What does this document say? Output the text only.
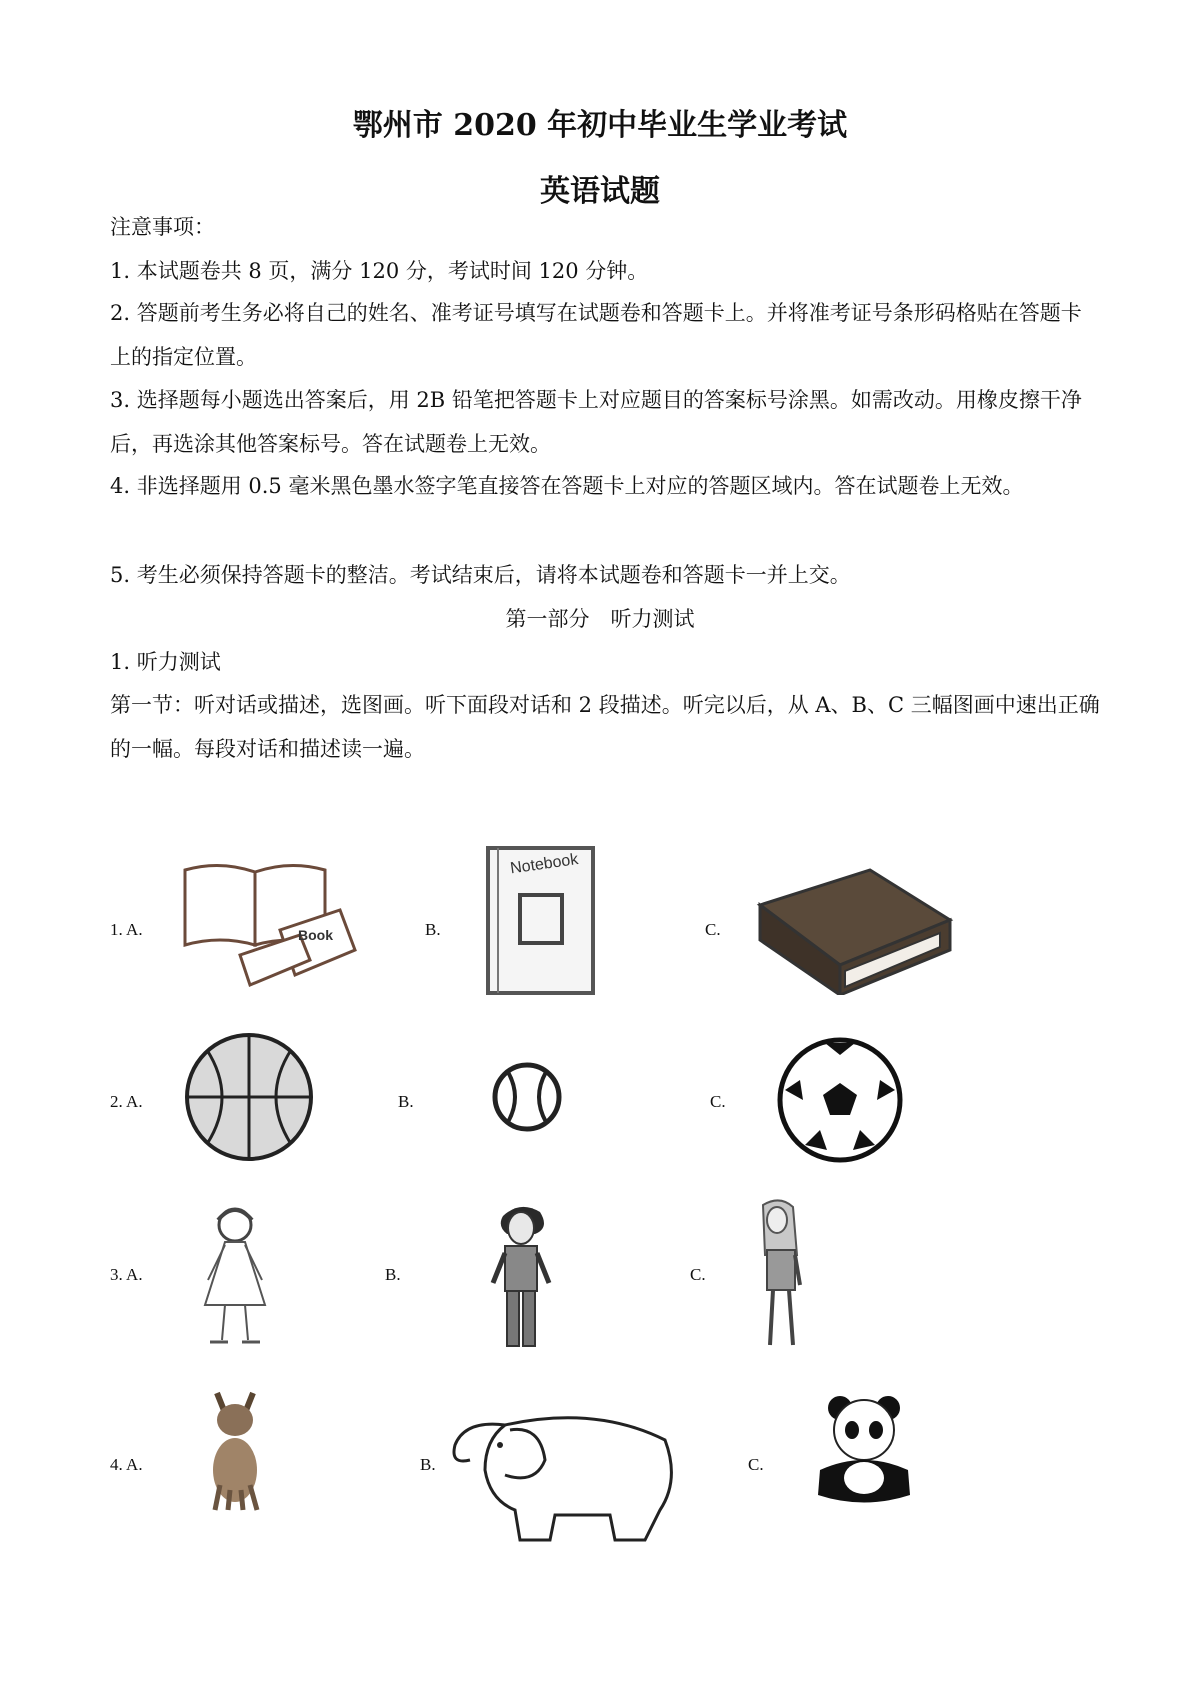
鄂州市 2020 年初中毕业生学业考试
英语试题
注意事项：
1. 本试题卷共 8 页，满分 120 分，考试时间 120 分钟。
2. 答题前考生务必将自己的姓名、准考证号填写在试题卷和答题卡上。并将准考证号条形码格贴在答题卡上的指定位置。
3. 选择题每小题选出答案后，用 2B 铅笔把答题卡上对应题目的答案标号涂黑。如需改动。用橡皮擦干净后，再选涂其他答案标号。答在试题卷上无效。
4. 非选择题用 0.5 毫米黑色墨水签字笔直接答在答题卡上对应的答题区域内。答在试题卷上无效。
5. 考生必须保持答题卡的整洁。考试结束后，请将本试题卷和答题卡一并上交。
第一部分　听力测试
1. 听力测试
第一节：听对话或描述，选图画。听下面段对话和 2 段描述。听完以后，从 A、B、C 三幅图画中速出正确的一幅。每段对话和描述读一遍。
1. A.	Book	B.
Notebook
C.
2. A.	B.	C.
3. A.	B.	C.
4. A.	B.	C.
